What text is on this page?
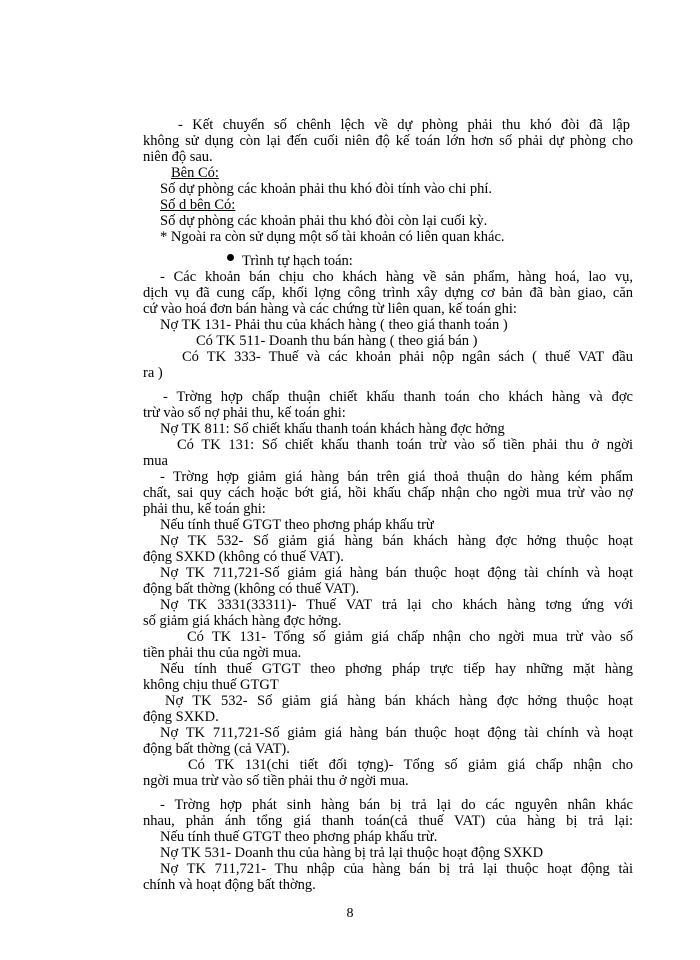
- Kết chuyển số chênh lệch về dự phòng phải thu khó đòi đã lập
không sử dụng còn lại đến cuối niên độ kế toán lớn hơn số phải dự phòng cho
niên độ sau.
Bên Có:
Số dự phòng các khoản phải thu khó đòi tính vào chi phí.
Số d bên Có:
Số dự phòng các khoản phải thu khó đòi còn lại cuối kỳ.
* Ngoài ra còn sử dụng một số tài khoản có liên quan khác.
Trình tự hạch toán:
- Các khoản bán chịu cho khách hàng về sản phẩm, hàng hoá, lao vụ,
dịch vụ đã cung cấp, khối lợng công trình xây dựng cơ bản đã bàn giao, căn
cứ vào hoá đơn bán hàng và các chứng từ liên quan, kế toán ghi:
Nợ TK 131- Phải thu của khách hàng ( theo giá thanh toán )
Có TK 511- Doanh thu bán hàng ( theo giá bán )
Có TK 333- Thuế và các khoản phải nộp ngân sách ( thuế VAT đầu
ra )
- Trờng hợp chấp thuận chiết khấu thanh toán cho khách hàng và đợc
trừ vào số nợ phải thu, kế toán ghi:
Nợ TK 811: Số chiết khấu thanh toán khách hàng đợc hởng
Có TK 131: Số chiết khấu thanh toán trừ vào số tiền phải thu ở ngời
mua
- Trờng hợp giảm giá hàng bán trên giá thoả thuận do hàng kém phẩm
chất, sai quy cách hoặc bớt giá, hồi khấu chấp nhận cho ngời mua trừ vào nợ
phải thu, kế toán ghi:
Nếu tính thuế GTGT theo phơng pháp khấu trừ
Nợ TK 532- Số giảm giá hàng bán khách hàng đợc hởng thuộc hoạt
động SXKD (không có thuế VAT).
Nợ TK 711,721-Số giảm giá hàng bán thuộc hoạt động tài chính và hoạt
động bất thờng (không có thuế VAT).
Nợ TK 3331(33311)- Thuế VAT trả lại cho khách hàng tơng ứng với
số giảm giá khách hàng đợc hởng.
Có TK 131- Tổng số giảm giá chấp nhận cho ngời mua trừ vào số
tiền phải thu của ngời mua.
Nếu tính thuế GTGT theo phơng pháp trực tiếp hay những mặt hàng
không chịu thuế GTGT
Nợ TK 532- Số giảm giá hàng bán khách hàng đợc hởng thuộc hoạt
động SXKD.
Nợ TK 711,721-Số giảm giá hàng bán thuộc hoạt động tài chính và hoạt
động bất thờng (cả VAT).
Có TK 131(chi tiết đối tợng)- Tổng số giảm giá chấp nhận cho
ngời mua trừ vào số tiền phải thu ở ngời mua.
- Trờng hợp phát sinh hàng bán bị trả lại do các nguyên nhân khác
nhau, phản ánh tổng giá thanh toán(cả thuế VAT) của hàng bị trả lại:
Nếu tính thuế GTGT theo phơng pháp khấu trừ.
Nợ TK 531- Doanh thu của hàng bị trả lại thuộc hoạt động SXKD
Nợ TK 711,721- Thu nhập của hàng bán bị trả lại thuộc hoạt động tài
chính và hoạt động bất thờng.
8
